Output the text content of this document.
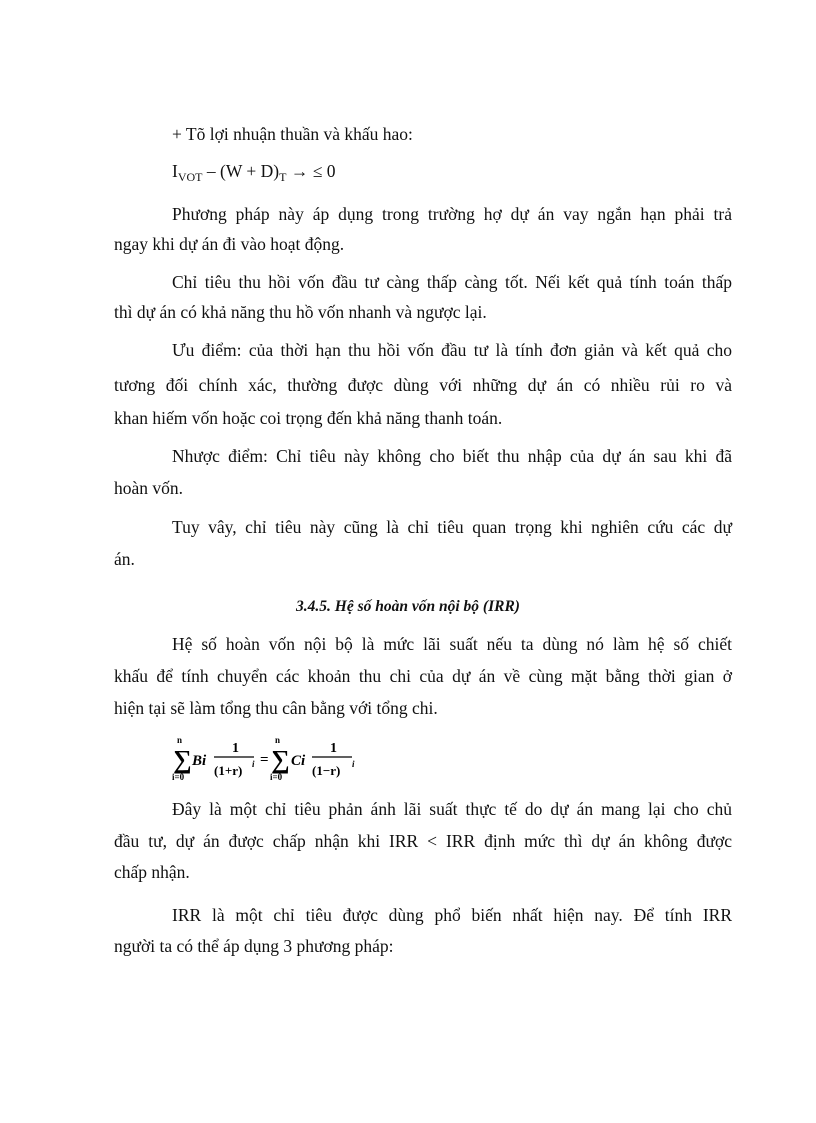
+ Tõ lợi nhuận thuần và khấu hao:
$I_{VOT} - (W + D)_T$ → ≤ 0
Phương pháp này áp dụng trong trường hợ dự án vay ngắn hạn phải trả
ngay khi dự án đi vào hoạt động.
Chỉ tiêu thu hồi vốn đầu tư càng thấp càng tốt. Nếi kết quả tính toán thấp
thì dự án có khả năng thu hồ vốn nhanh và ngược lại.
Ưu điểm: của thời hạn thu hồi vốn đầu tư là tính đơn giản và kết quả cho
tương đối chính xác, thường được dùng với những dự án có nhiều rủi ro và
khan hiếm vốn hoặc coi trọng đến khả năng thanh toán.
Nhược điểm: Chỉ tiêu này không cho biết thu nhập của dự án sau khi đã
hoàn vốn.
Tuy vây, chỉ tiêu này cũng là chỉ tiêu quan trọng khi nghiên cứu các dự
án.
3.4.5. Hệ số hoàn vốn nội bộ (IRR)
Hệ số hoàn vốn nội bộ là mức lãi suất nếu ta dùng nó làm hệ số chiết
khấu để tính chuyển các khoản thu chi của dự án về cùng mặt bằng thời gian ở
hiện tại sẽ làm tổng thu cân bằng với tổng chi.
n
∑
i=0
Bi
1
(1+r) i =
n
∑
i=0
Ci
1
(1−r) i
Đây là một chỉ tiêu phản ánh lãi suất thực tế do dự án mang lại cho chủ
đầu tư, dự án được chấp nhận khi IRR < IRR định mức thì dự án không được
chấp nhận.
IRR là một chỉ tiêu được dùng phổ biến nhất hiện nay. Để tính IRR
người ta có thể áp dụng 3 phương pháp:
